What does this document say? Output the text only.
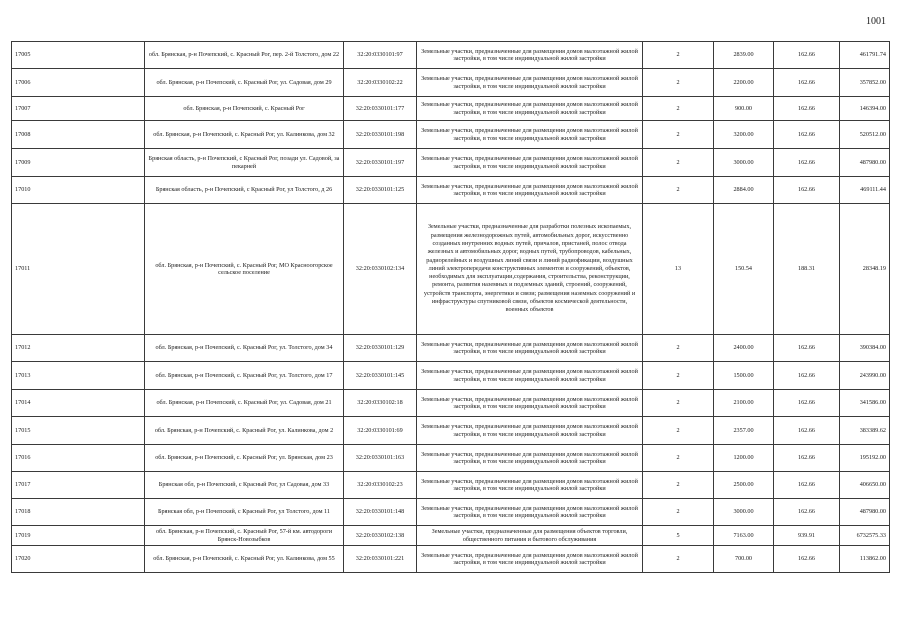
1001
17005	обл. Брянская, р-н Почепский, с. Красный Рог, пер. 2-й Толстого, дом 22	32:20:0330101:97	Земельные участки, предназначенные для размещения домов малоэтажной жилой застройки, в том числе индивидуальной жилой застройки	2	2839.00	162.66	461791.74
17006	обл. Брянская, р-н Почепский, с. Красный Рог, ул. Садовая, дом 29	32:20:0330102:22	Земельные участки, предназначенные для размещения домов малоэтажной жилой застройки, в том числе индивидуальной жилой застройки	2	2200.00	162.66	357852.00
17007	обл. Брянская, р-н Почепский, с. Красный Рог	32:20:0330101:177	Земельные участки, предназначенные для размещения домов малоэтажной жилой застройки, в том числе индивидуальной жилой застройки	2	900.00	162.66	146394.00
17008	обл. Брянская, р-н Почепский, с. Красный Рог, ул. Калинкова, дом 32	32:20:0330101:198	Земельные участки, предназначенные для размещения домов малоэтажной жилой застройки, в том числе индивидуальной жилой застройки	2	3200.00	162.66	520512.00
17009	Брянская область, р-н Почепский, с Красный Рог, позади ул. Садовой, за пекарней	32:20:0330101:197	Земельные участки, предназначенные для размещения домов малоэтажной жилой застройки, в том числе индивидуальной жилой застройки	2	3000.00	162.66	487980.00
17010	Брянская область, р-н Почепский, с Красный Рог, ул Толстого, д 26	32:20:0330101:125	Земельные участки, предназначенные для размещения домов малоэтажной жилой застройки, в том числе индивидуальной жилой застройки	2	2884.00	162.66	469111.44
17011	обл. Брянская, р-н Почепский, с. Красный Рог, МО Красноогорское сельское поселение	32:20:0330102:134	Земельные участки, предназначенные для разработки полезных ископаемых, размещения железнодорожных путей, автомобильных дорог, искусственно созданных внутренних водных путей, причалов, пристаней, полос отвода железных и автомобильных дорог, водных путей, трубопроводов, кабельных, радиорелейных и воздушных линий связи и линий радиофикации, воздушных линий электропередачи конструктивных элементов и сооружений, объектов, необходимых для эксплуатации,содержания, строительства, реконструкции, ремонта, развития наземных и подземных зданий, строений, сооружений, устройств транспорта, энергетики и связи; размещения наземных сооружений и инфраструктуры спутниковой связи, объектов космической деятельности, военных объектов	13	150.54	188.31	28348.19
17012	обл. Брянская, р-н Почепский, с. Красный Рог, ул. Толстого, дом 34	32:20:0330101:129	Земельные участки, предназначенные для размещения домов малоэтажной жилой застройки, в том числе индивидуальной жилой застройки	2	2400.00	162.66	390384.00
17013	обл. Брянская, р-н Почепский, с. Красный Рог, ул. Толстого, дом 17	32:20:0330101:145	Земельные участки, предназначенные для размещения домов малоэтажной жилой застройки, в том числе индивидуальной жилой застройки	2	1500.00	162.66	243990.00
17014	обл. Брянская, р-н Почепский, с. Красный Рог, ул. Садовая, дом 21	32:20:0330102:18	Земельные участки, предназначенные для размещения домов малоэтажной жилой застройки, в том числе индивидуальной жилой застройки	2	2100.00	162.66	341586.00
17015	обл. Брянская, р-н Почепский, с. Красный Рог, ул. Калинкова, дом 2	32:20:0330101:69	Земельные участки, предназначенные для размещения домов малоэтажной жилой застройки, в том числе индивидуальной жилой застройки	2	2357.00	162.66	383389.62
17016	обл. Брянская, р-н Почепский, с. Красный Рог, ул. Брянская, дом 23	32:20:0330101:163	Земельные участки, предназначенные для размещения домов малоэтажной жилой застройки, в том числе индивидуальной жилой застройки	2	1200.00	162.66	195192.00
17017	Брянская обл, р-н Почепский, с Красный Рог, ул Садовая, дом 33	32:20:0330102:23	Земельные участки, предназначенные для размещения домов малоэтажной жилой застройки, в том числе индивидуальной жилой застройки	2	2500.00	162.66	406650.00
17018	Брянская обл, р-н Почепский, с Красный Рог, ул Толстого, дом 11	32:20:0330101:148	Земельные участки, предназначенные для размещения домов малоэтажной жилой застройки, в том числе индивидуальной жилой застройки	2	3000.00	162.66	487980.00
17019	обл. Брянская, р-н Почепский, с. Красный Рог, 57-й км. автодороги Брянск-Новозыбков	32:20:0330102:138	Земельные участки, предназначенные для размещения объектов торговли, общественного питания и бытового обслуживания	5	7163.00	939.91	6732575.33
17020	обл. Брянская, р-н Почепский, с. Красный Рог, ул. Калинкова, дом 55	32:20:0330101:221	Земельные участки, предназначенные для размещения домов малоэтажной жилой застройки, в том числе индивидуальной жилой застройки	2	700.00	162.66	113862.00
